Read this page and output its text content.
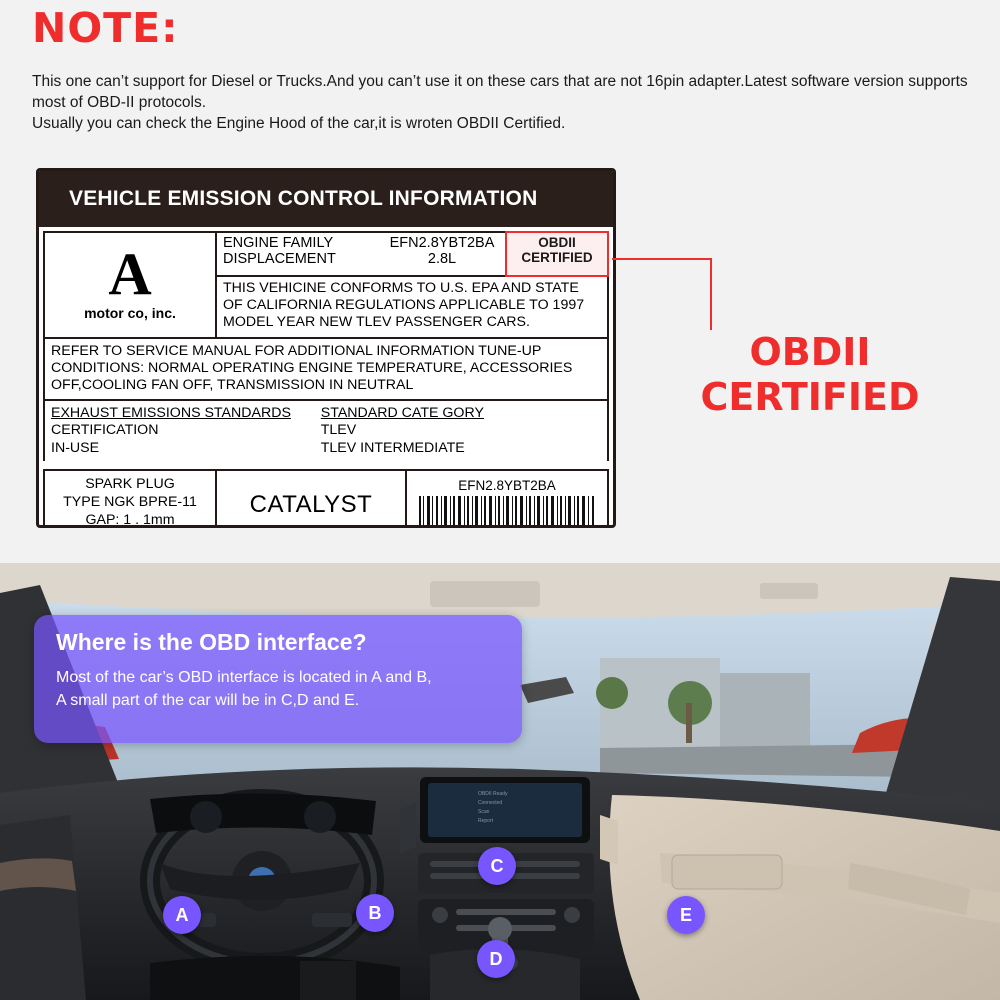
NOTE:

This one can’t support for Diesel or Trucks.And you can’t use it on these cars that are not 16pin adapter.Latest software version supports most of OBD-II protocols.

Usually you can check the Engine Hood of the car,it is wroten OBDII Certified.

VEHICLE EMISSION CONTROL INFORMATION
A
motor co, inc.
ENGINE FAMILY
DISPLACEMENT
EFN2.8YBT2BA
2.8L
OBDII
CERTIFIED
THIS VEHICINE CONFORMS TO U.S. EPA AND STATE OF CALIFORNIA REGULATIONS APPLICABLE TO 1997 MODEL YEAR NEW TLEV PASSENGER CARS.
REFER TO SERVICE MANUAL FOR ADDITIONAL INFORMATION TUNE-UP CONDITIONS: NORMAL OPERATING ENGINE TEMPERATURE, ACCESSORIES OFF,COOLING FAN OFF, TRANSMISSION IN NEUTRAL
EXHAUST EMISSIONS STANDARDS
CERTIFICATION
IN-USE
STANDARD CATE GORY
TLEV
TLEV INTERMEDIATE
SPARK PLUG
TYPE NGK BPRE-11
GAP: 1 . 1mm
CATALYST
EFN2.8YBT2BA
OBDII
CERTIFIED
OBDII Ready
Connected
Scan
Report
Where is the OBD interface?

Most of the car’s OBD interface is located in A and B,

A small part of the car will be in C,D and E.

A	B
C
D
E
